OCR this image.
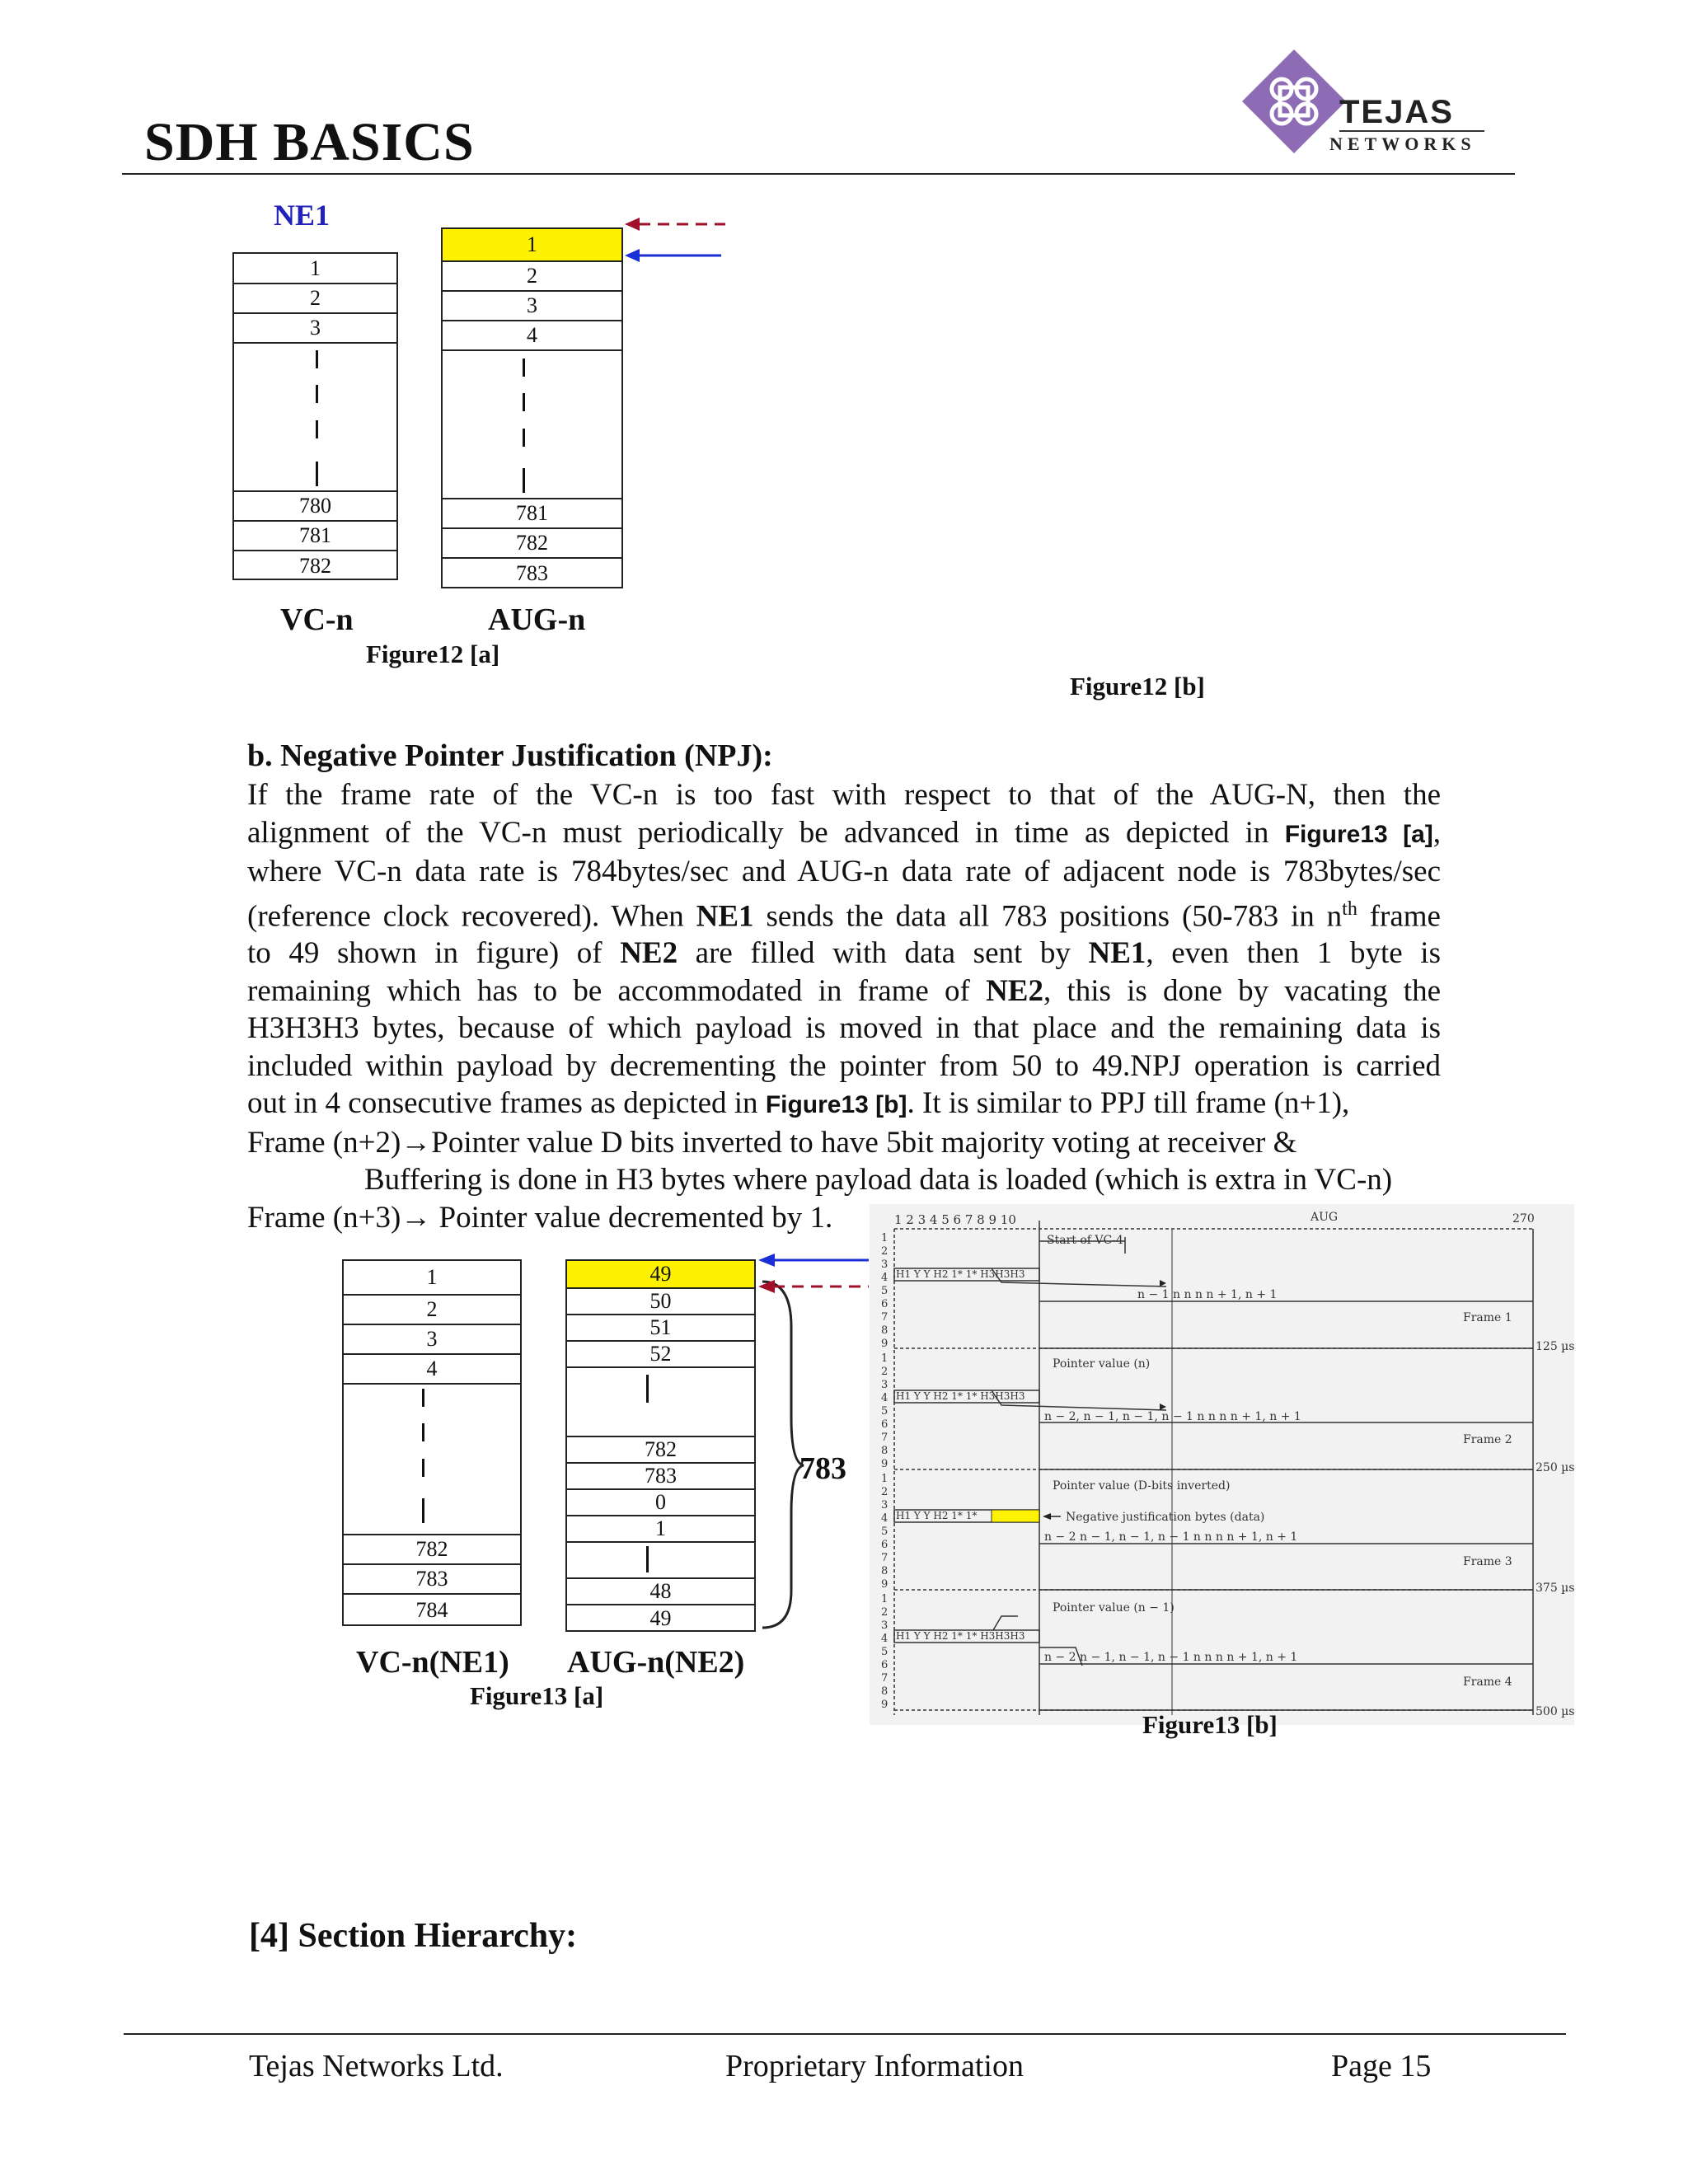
SDH BASICS	TEJAS
NETWORKS
NE1
1
2
3
780
781
782
1
2
3
4
781
782
783
VC-n	AUG-n
Figure12 [a]
Figure12 [b]
b. Negative Pointer Justification (NPJ):
If the frame rate of the VC-n is too fast with respect to that of the AUG-N, then the
alignment of the VC-n must periodically be advanced in time as depicted in Figure13 [a],
where VC-n data rate is 784bytes/sec and AUG-n data rate of adjacent node is 783bytes/sec
(reference clock recovered). When NE1 sends the data all 783 positions (50-783 in $n^{th}$ frame
to 49 shown in figure) of NE2 are filled with data sent by NE1, even then 1 byte is
remaining which has to be accommodated in frame of NE2, this is done by vacating the
H3H3H3 bytes, because of which payload is moved in that place and the remaining data is
included within payload by decrementing the pointer from 50 to 49.NPJ operation is carried
out in 4 consecutive frames as depicted in Figure13 [b]. It is similar to PPJ till frame (n+1),
Frame (n+2)→Pointer value D bits inverted to have 5bit majority voting at receiver &
Buffering is done in H3 bytes where payload data is loaded (which is extra in VC-n)
Frame (n+3)→ Pointer value decremented by 1.
1
2
3
4
782
783
784
49
50
51
52
782
783
0
1
48
49
783
VC-n(NE1) AUG-n(NE2)
Figure13 [a]
1 2 3 4 5 6 7 8 9 10	AUG	270
1
2
3
4
5
6
7
8
9
1
2
3
4
5
6
7
8
9
1
2
3
4
5
6
7
8
9
1
2
3
4
5
6
7
8
9
H1 Y Y H2 1* 1* H3H3H3
H1 Y Y H2 1* 1* H3H3H3
H1 Y Y H2 1* 1*
H1 Y Y H2 1* 1* H3H3H3
Start of VC-4
n − 1 n n n n + 1, n + 1
Frame 1
125 µs
Pointer value (n)
n − 2, n − 1, n − 1, n − 1 n n n n + 1, n + 1
Frame 2
250 µs
Pointer value (D-bits inverted)
Negative justification bytes (data)
n − 2 n − 1, n − 1, n − 1 n n n n + 1, n + 1
Frame 3
375 µs
Pointer value (n − 1)
n − 2 n − 1, n − 1, n − 1 n n n n + 1, n + 1
Frame 4
500 µs
Figure13 [b]
[4] Section Hierarchy:
Tejas Networks Ltd.	Proprietary Information	Page 15
